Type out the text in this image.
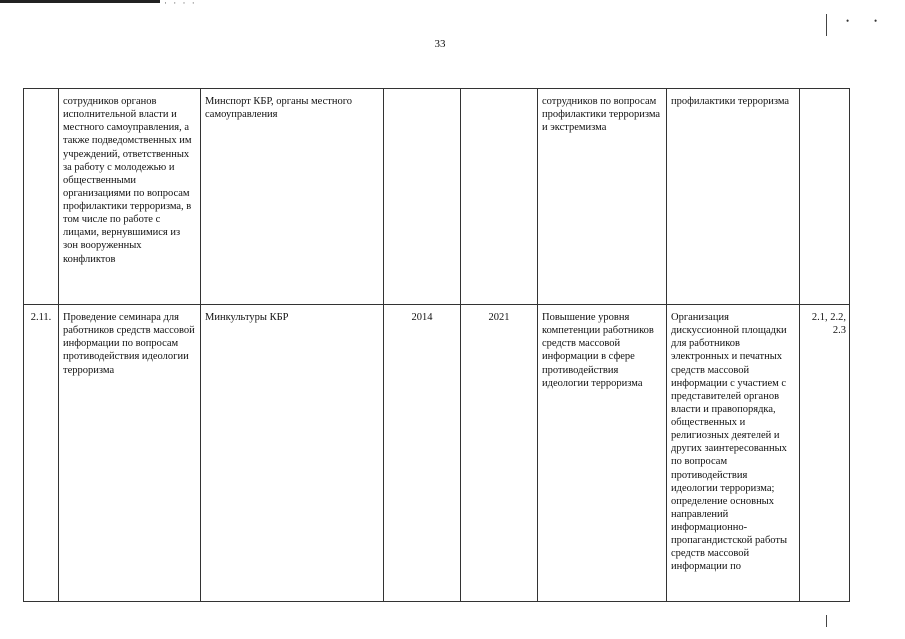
· · · ·
•	•
33

	сотрудников органов исполнительной власти и местного самоуправления, а также подведомственных им учреждений, ответственных за работу с молодежью и общественными организациями по вопросам профилактики терроризма, в том числе по работе с лицами, вернувшимися из зон вооруженных конфликтов	Минспорт КБР, органы местного самоуправления			сотрудников по вопросам профилактики терроризма и экстремизма	профилактики терроризма	

2.11.	Проведение семинара для работников средств массовой информации по вопросам противодействия идеологии терроризма	Минкультуры КБР	2014	2021	Повышение уровня компетенции работников средств массовой информации в сфере противодействия идеологии терроризма	Организация дискуссионной площадки для работников электронных и печатных средств массовой информации с участием с представителей органов власти и правопорядка, общественных и религиозных деятелей и других заинтересованных по вопросам противодействия идеологии терроризма; определение основных направлений информационно-пропагандистской работы средств массовой информации по	2.1, 2.2, 2.3
